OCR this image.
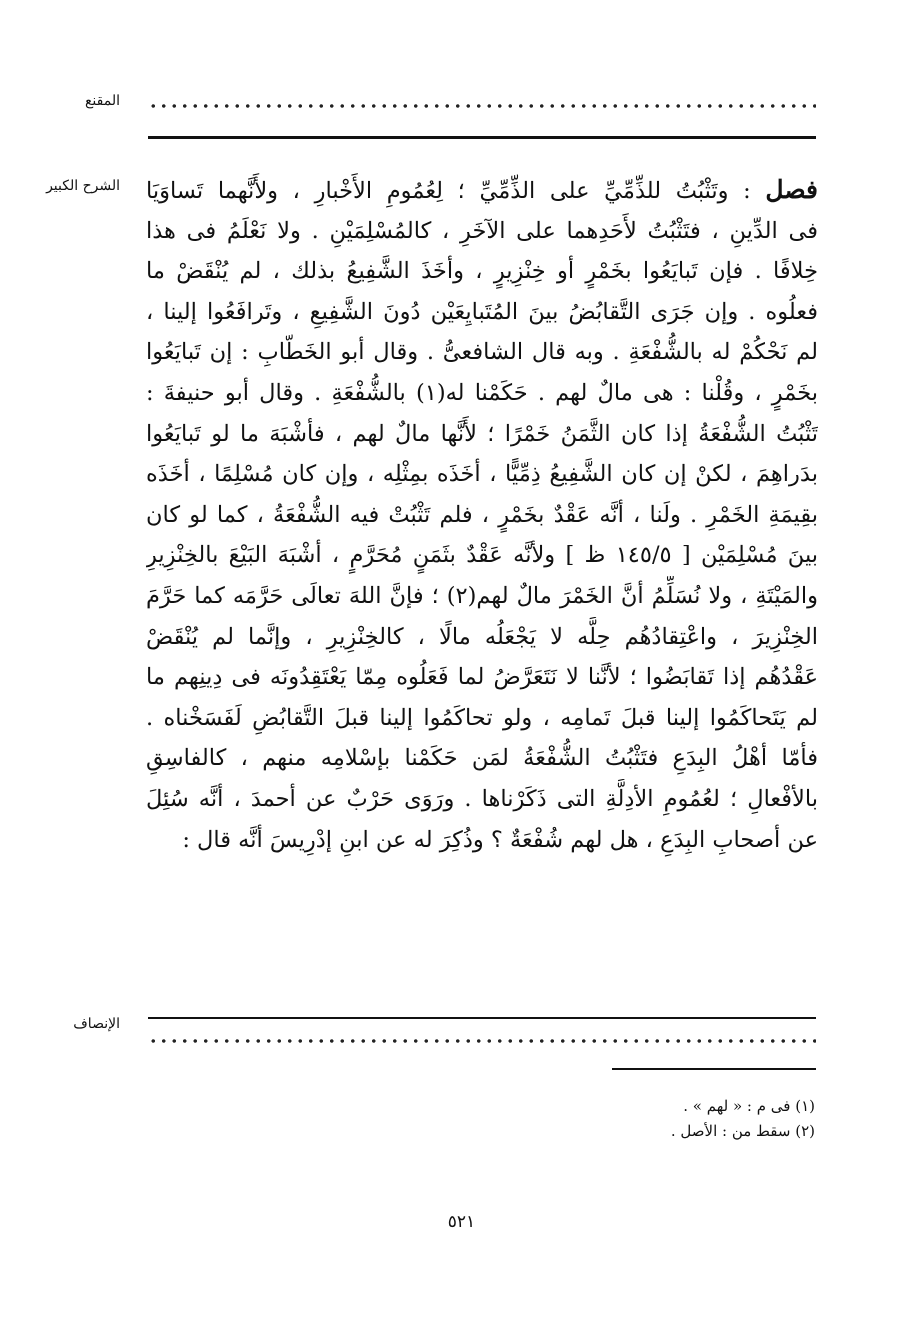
المقنع
الشرح الكبير	فصل : وتَثْبُتُ للذِّمِّيِّ على الذِّمِّيِّ ؛ لِعُمُومِ الأَخْبارِ ، ولأَنَّهما تَساوَيَا
فى الدِّينِ ، فتَثْبُتُ لأَحَدِهما على الآخَرِ ، كالمُسْلِمَيْنِ . ولا نَعْلَمُ فى هذا
خِلافًا . فإن تَبايَعُوا بخَمْرٍ أو خِنْزِيرٍ ، وأخَذَ الشَّفِيعُ بذلك ، لم يُنْقَضْ ما
فعلُوه . وإن جَرَى التَّقابُضُ بينَ المُتَبايِعَيْن دُونَ الشَّفِيعِ ، وتَرافَعُوا إلينا ،
لم نَحْكُمْ له بالشُّفْعَةِ . وبه قال الشافعىُّ . وقال أبو الخَطّابِ : إن تَبايَعُوا
بخَمْرٍ ، وقُلْنا : هى مالٌ لهم . حَكَمْنا له(١) بالشُّفْعَةِ . وقال أبو حنيفةَ :
تَثْبُتُ الشُّفْعَةُ إذا كان الثَّمَنُ خَمْرًا ؛ لأَنَّها مالٌ لهم ، فأشْبَهَ ما لو تَبايَعُوا
بدَراهِمَ ، لكنْ إن كان الشَّفِيعُ ذِمِّيًّا ، أخَذَه بمِثْلِه ، وإن كان مُسْلِمًا ، أخَذَه
بقِيمَةِ الخَمْرِ . ولَنا ، أنَّه عَقْدٌ بخَمْرٍ ، فلم تَثْبُتْ فيه الشُّفْعَةُ ، كما لو كان
بينَ مُسْلِمَيْن [ ١٤٥/٥ ظ ] ولأنَّه عَقْدٌ بثَمَنٍ مُحَرَّمٍ ، أشْبَهَ البَيْعَ بالخِنْزِيرِ
والمَيْتَةِ ، ولا نُسَلِّمُ أنَّ الخَمْرَ مالٌ لهم(٢) ؛ فإنَّ اللهَ تعالَى حَرَّمَه كما حَرَّمَ
الخِنْزِيرَ ، واعْتِقادُهُم حِلَّه لا يَجْعَلُه مالًا ، كالخِنْزِيرِ ، وإنَّما لم يُنْقَضْ
عَقْدُهُم إذا تَقابَضُوا ؛ لأنَّنا لا نَتَعَرَّضُ لما فَعَلُوه مِمّا يَعْتَقِدُونَه فى دِينِهم ما
لم يَتَحاكَمُوا إلينا قبلَ تَمامِه ، ولو تحاكَمُوا إلينا قبلَ التَّقابُضِ لَفَسَخْناه .
فأمّا أهْلُ البِدَعِ فتَثْبُتُ الشُّفْعَةُ لمَن حَكَمْنا بإسْلامِه منهم ، كالفاسِقِ
بالأفْعالِ ؛ لعُمُومِ الأدِلَّةِ التى ذَكَرْناها . ورَوَى حَرْبٌ عن أحمدَ ، أنَّه سُئِلَ
عن أصحابِ البِدَعِ ، هل لهم شُفْعَةٌ ؟ وذُكِرَ له عن ابنِ إدْرِيسَ أنَّه قال :
الإنصاف
(١) فى م : « لهم » .
(٢) سقط من : الأصل .
٥٢١
